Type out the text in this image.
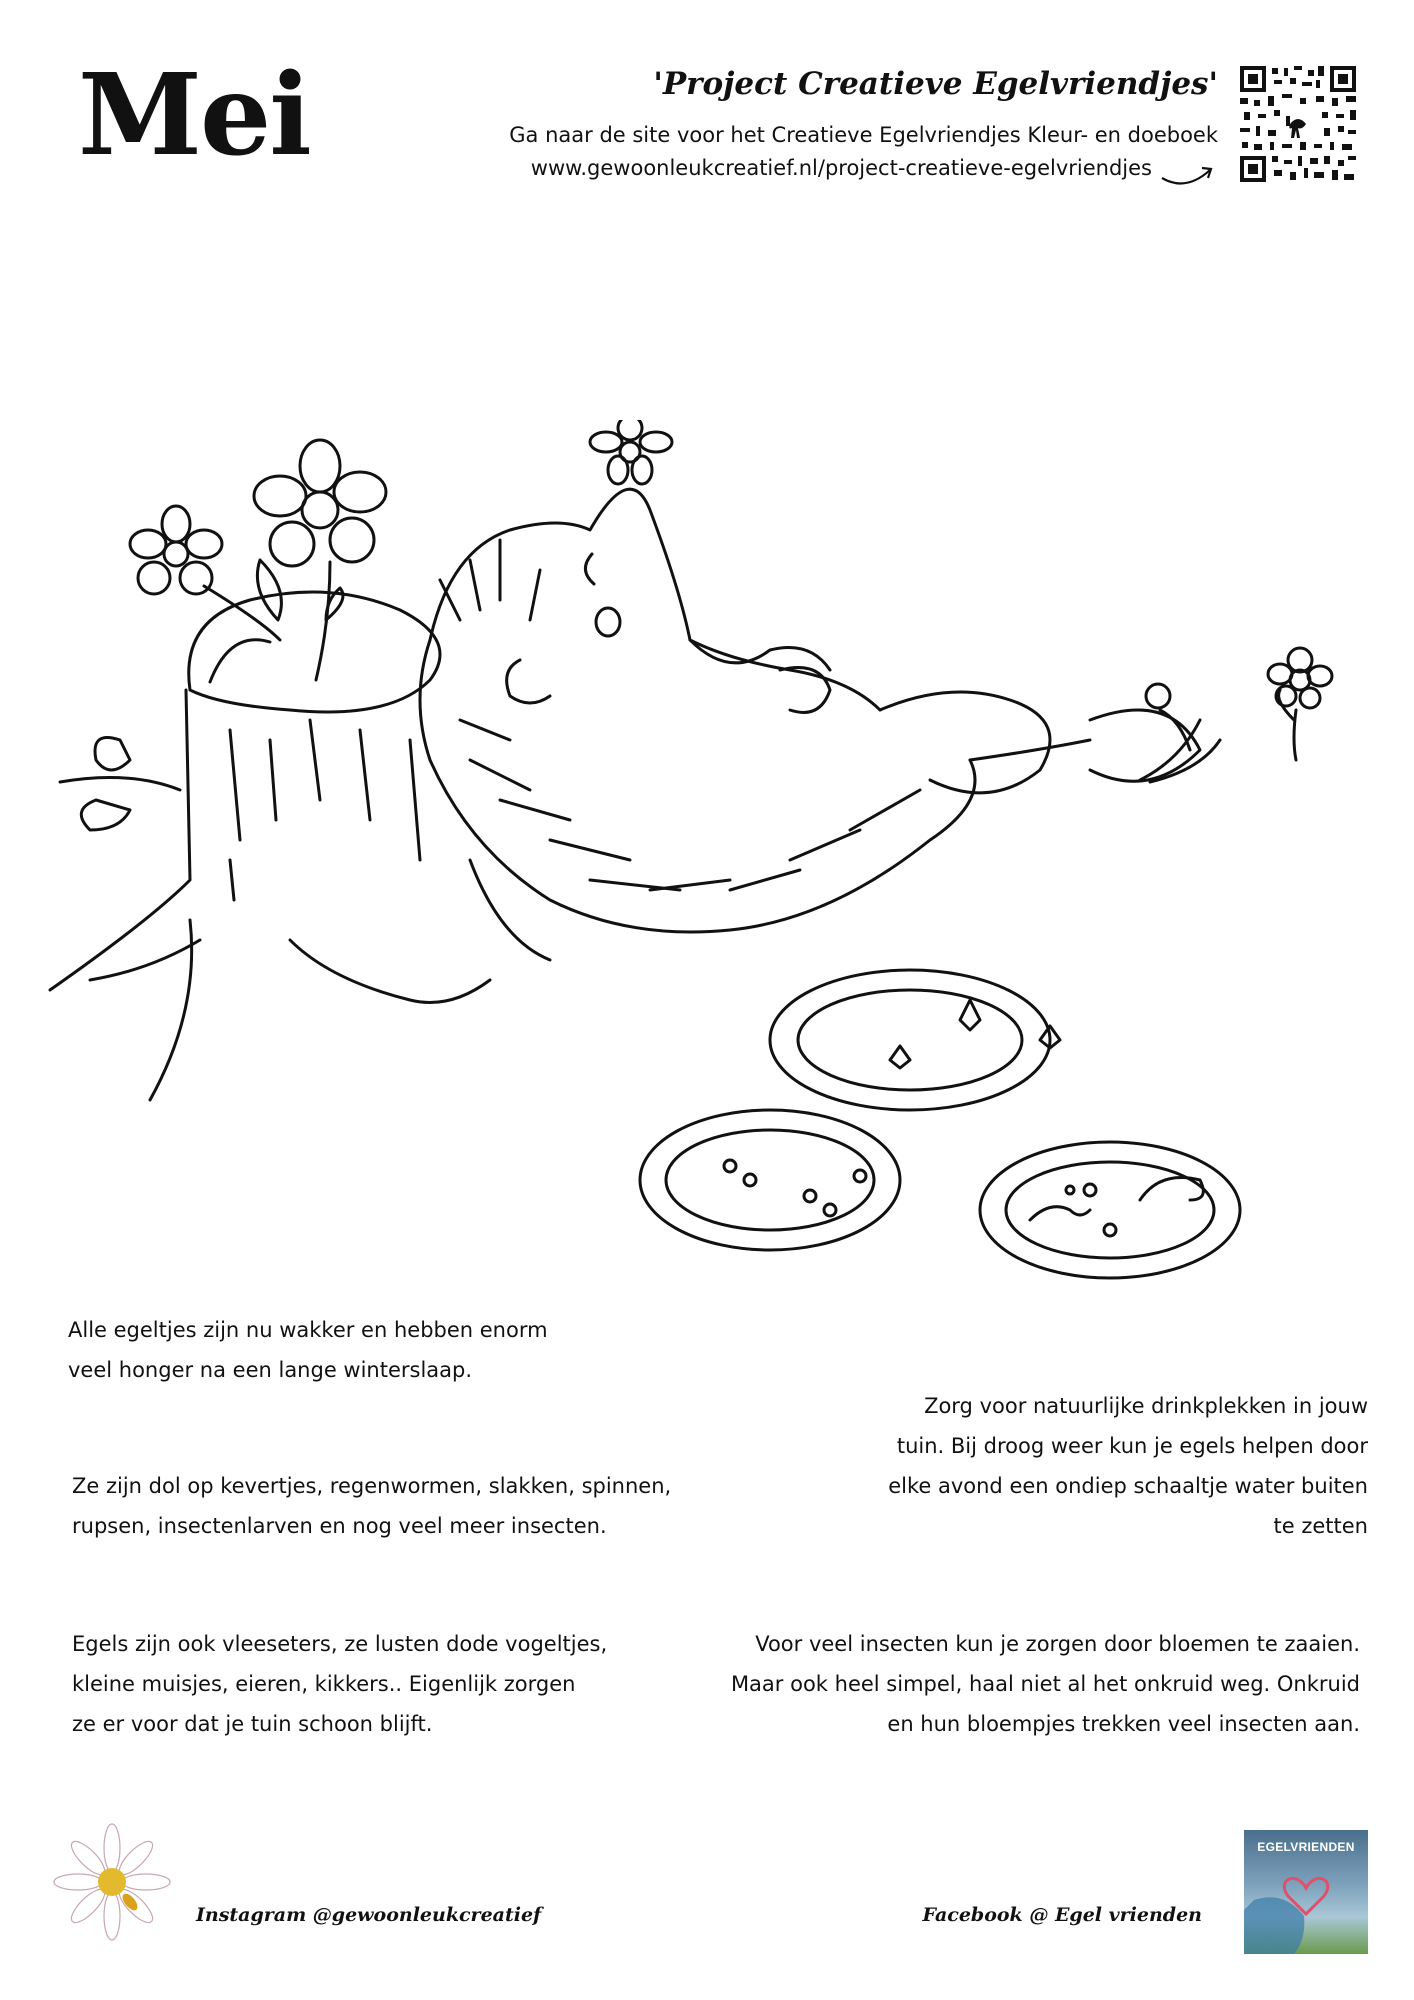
Mei	'Project Creatieve Egelvriendjes'
Ga naar de site voor het Creatieve Egelvriendjes Kleur- en doeboek
www.gewoonleukcreatief.nl/project-creatieve-egelvriendjes
Alle egeltjes zijn nu wakker en hebben enorm
veel honger na een lange winterslaap.
Ze zijn dol op kevertjes, regenwormen, slakken, spinnen,
rupsen, insectenlarven en nog veel meer insecten.
Egels zijn ook vleeseters, ze lusten dode vogeltjes,
kleine muisjes, eieren, kikkers.. Eigenlijk zorgen
ze er voor dat je tuin schoon blijft.
Zorg voor natuurlijke drinkplekken in jouw
tuin. Bij droog weer kun je egels helpen door
elke avond een ondiep schaaltje water buiten
te zetten
Voor veel insecten kun je zorgen door bloemen te zaaien.
Maar ook heel simpel, haal niet al het onkruid weg. Onkruid
en hun bloempjes trekken veel insecten aan.
Instagram @gewoonleukcreatief	Facebook @ Egel vrienden
EGELVRIENDEN
